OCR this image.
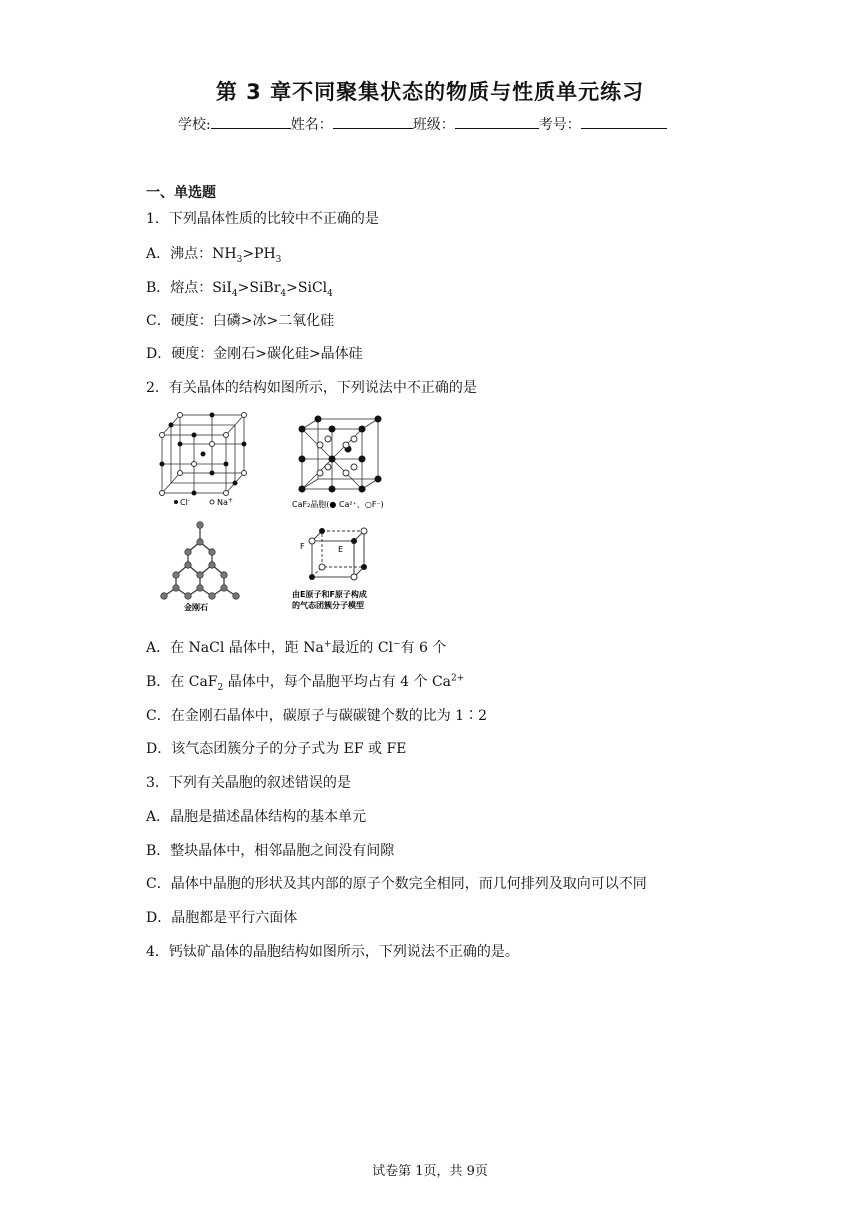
第 3 章不同聚集状态的物质与性质单元练习
学校:	姓名：	班级：	考号：
一、单选题
1．下列晶体性质的比较中不正确的是
A．沸点：$NH_3>PH_3$
B．熔点：SiI$_4$>SiBr$_4$>SiCl$_4$
C．硬度：白磷>冰>二氧化硅
D．硬度：金刚石>碳化硅>晶体硅
2．有关晶体的结构如图所示，下列说法中不正确的是
Cl-	Na+	CaF₂晶胞(● Ca²⁺、○F⁻)
金刚石
F	E
由E原子和F原子构成
的气态团簇分子模型
A．在 NaCl 晶体中，距 Na+最近的 Cl−有 6 个
B．在 CaF$_2$ 晶体中，每个晶胞平均占有 4 个 $Ca^{2+}$
C．在金刚石晶体中，碳原子与碳碳键个数的比为 1∶2
D．该气态团簇分子的分子式为 EF 或 FE
3．下列有关晶胞的叙述错误的是
A．晶胞是描述晶体结构的基本单元
B．整块晶体中，相邻晶胞之间没有间隙
C．晶体中晶胞的形状及其内部的原子个数完全相同，而几何排列及取向可以不同
D．晶胞都是平行六面体
4．钙钛矿晶体的晶胞结构如图所示，下列说法不正确的是。
试卷第 1页，共 9页
